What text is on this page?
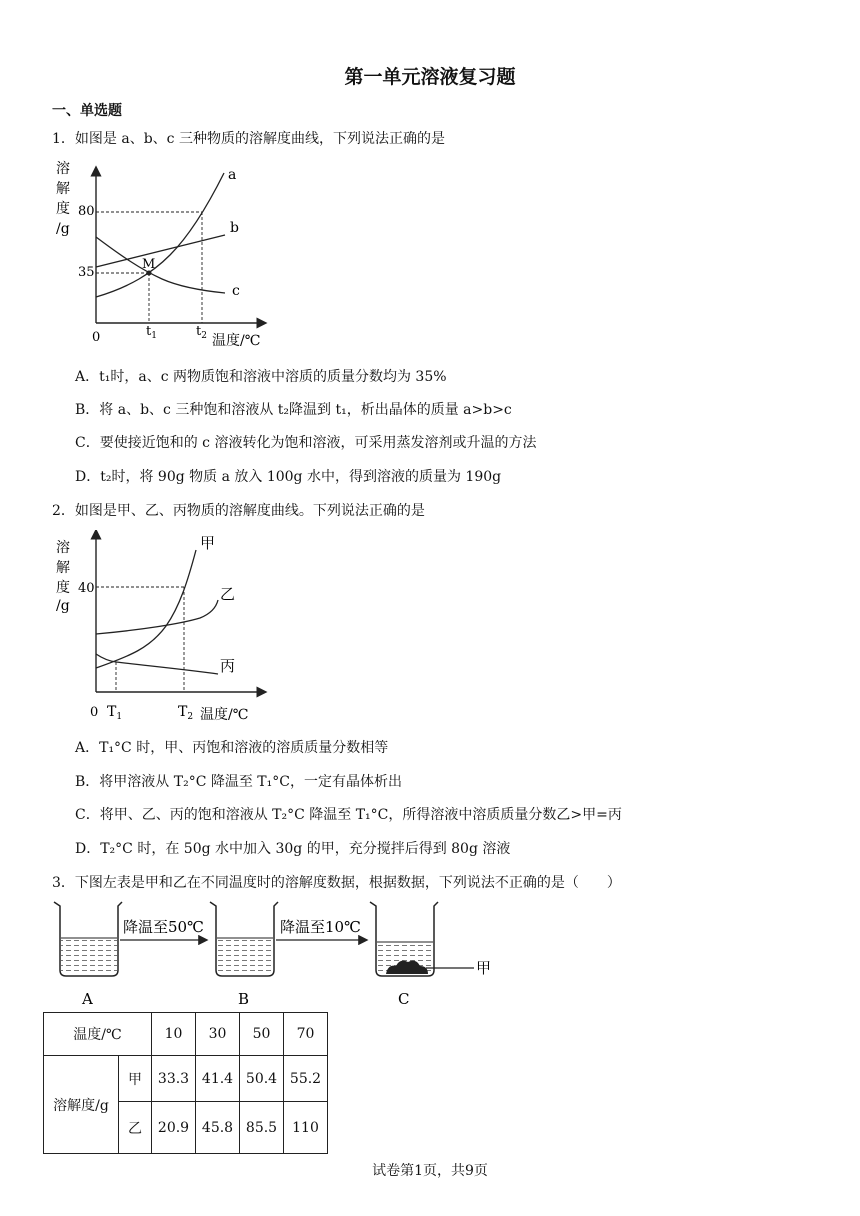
第一单元溶液复习题
一、单选题
1．如图是 a、b、c 三种物质的溶解度曲线，下列说法正确的是
溶
解
度
/g
80
35
0	$t_1$	$t_2$ 温度/℃
M
a
b
c
A．t₁时，a、c 两物质饱和溶液中溶质的质量分数均为 35%
B．将 a、b、c 三种饱和溶液从 t₂降温到 t₁，析出晶体的质量 a>b>c
C．要使接近饱和的 c 溶液转化为饱和溶液，可采用蒸发溶剂或升温的方法
D．t₂时，将 90g 物质 a 放入 100g 水中，得到溶液的质量为 190g
2．如图是甲、乙、丙物质的溶解度曲线。下列说法正确的是
溶
解
度
/g
40
0 $T_1$	$T_2$ 温度/℃
甲
乙
丙
A．T₁°C 时，甲、丙饱和溶液的溶质质量分数相等
B．将甲溶液从 T₂°C 降温至 T₁°C，一定有晶体析出
C．将甲、乙、丙的饱和溶液从 T₂°C 降温至 T₁°C，所得溶液中溶质质量分数乙>甲=丙
D．T₂°C 时，在 50g 水中加入 30g 的甲，充分搅拌后得到 80g 溶液
3．下图左表是甲和乙在不同温度时的溶解度数据，根据数据，下列说法不正确的是（　　）
降温至50℃	降温至10℃
甲
A	B	C
温度/℃		10	30	50	70
溶解度/g	甲	33.3	41.4	50.4	55.2
	乙	20.9	45.8	85.5	110
试卷第1页，共9页
